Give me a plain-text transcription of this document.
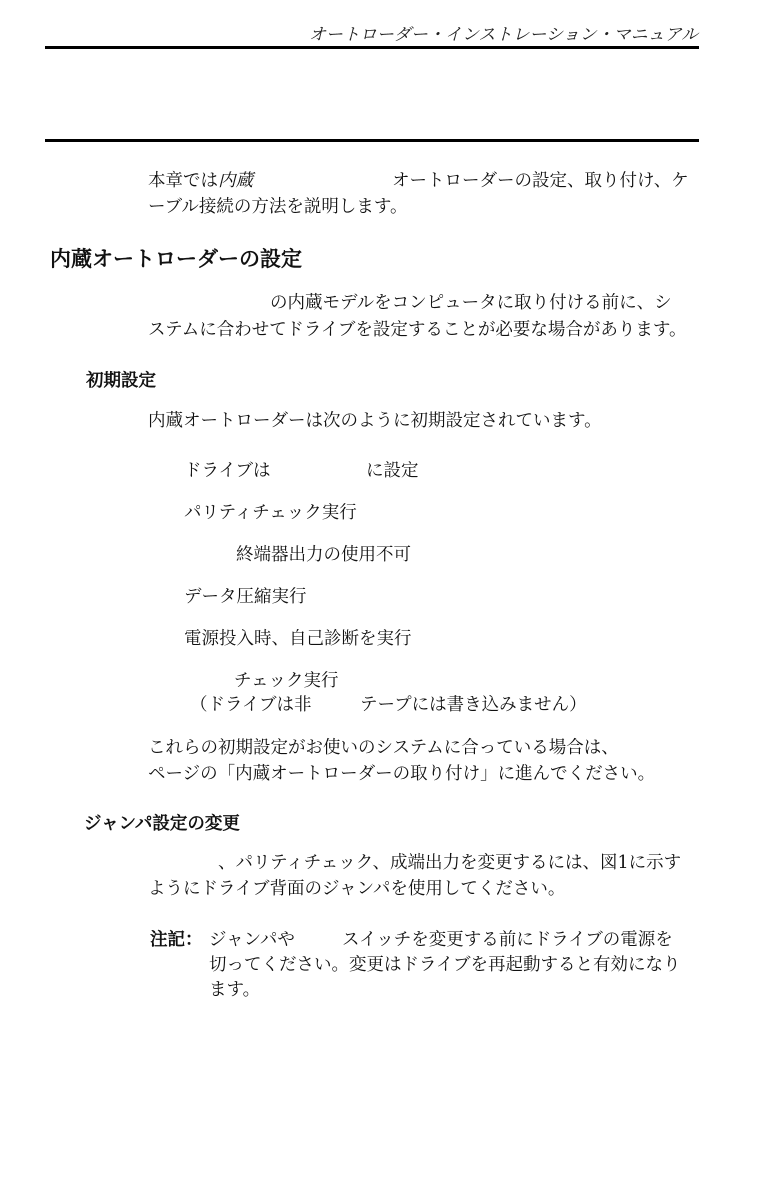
オートローダー・インストレーション・マニュアル
本章では内蔵	オートローダーの設定、取り付け、ケ
ーブル接続の方法を説明します。
内蔵オートローダーの設定
の内蔵モデルをコンピュータに取り付ける前に、シ
ステムに合わせてドライブを設定することが必要な場合があります。
初期設定
内蔵オートローダーは次のように初期設定されています。
ドライブは	に設定
パリティチェック実行
終端器出力の使用不可
データ圧縮実行
電源投入時、自己診断を実行
チェック実行
（ドライブは非	テープには書き込みません）
これらの初期設定がお使いのシステムに合っている場合は、
ページの「内蔵オートローダーの取り付け」に進んでください。
ジャンパ設定の変更
、パリティチェック、成端出力を変更するには、図1に示す
ようにドライブ背面のジャンパを使用してください。
注記： ジャンパや	スイッチを変更する前にドライブの電源を
切ってください。変更はドライブを再起動すると有効になり
ます。
